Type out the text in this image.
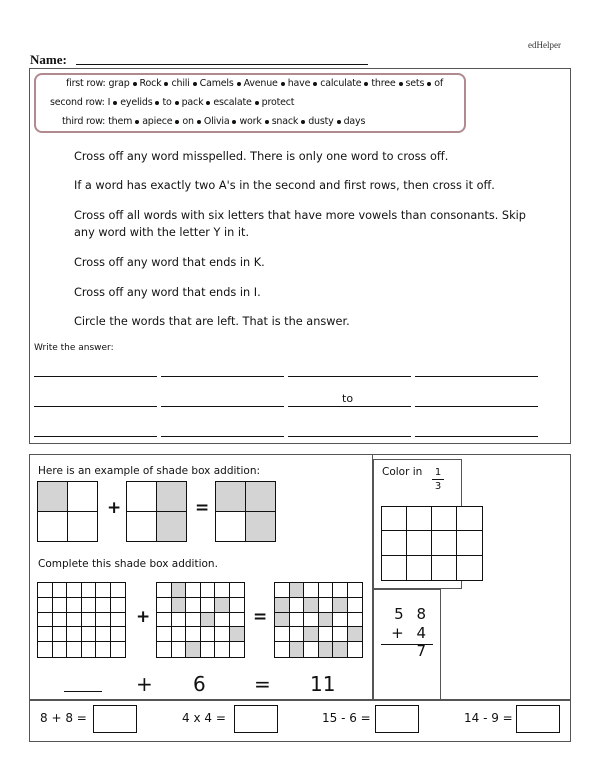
edHelper
Name:
first row: grap Rock chili Camels Avenue have calculate three sets of
second row: I eyelids to pack escalate protect
third row: them apiece on Olivia work snack dusty days
Cross off any word misspelled. There is only one word to cross off.
If a word has exactly two A's in the second and first rows, then cross it off.
Cross off all words with six letters that have more vowels than consonants. Skip any word with the letter Y in it.
Cross off any word that ends in K.
Cross off any word that ends in I.
Circle the words that are left. That is the answer.
Write the answer:
to
Color in	1
3
5 8
+ 4 7
Here is an example of shade box addition:
+	=
Complete this shade box addition.
+	=
+ 6 = 11
8 + 8 =	4 x 4 =	15 - 6 =	14 - 9 =
